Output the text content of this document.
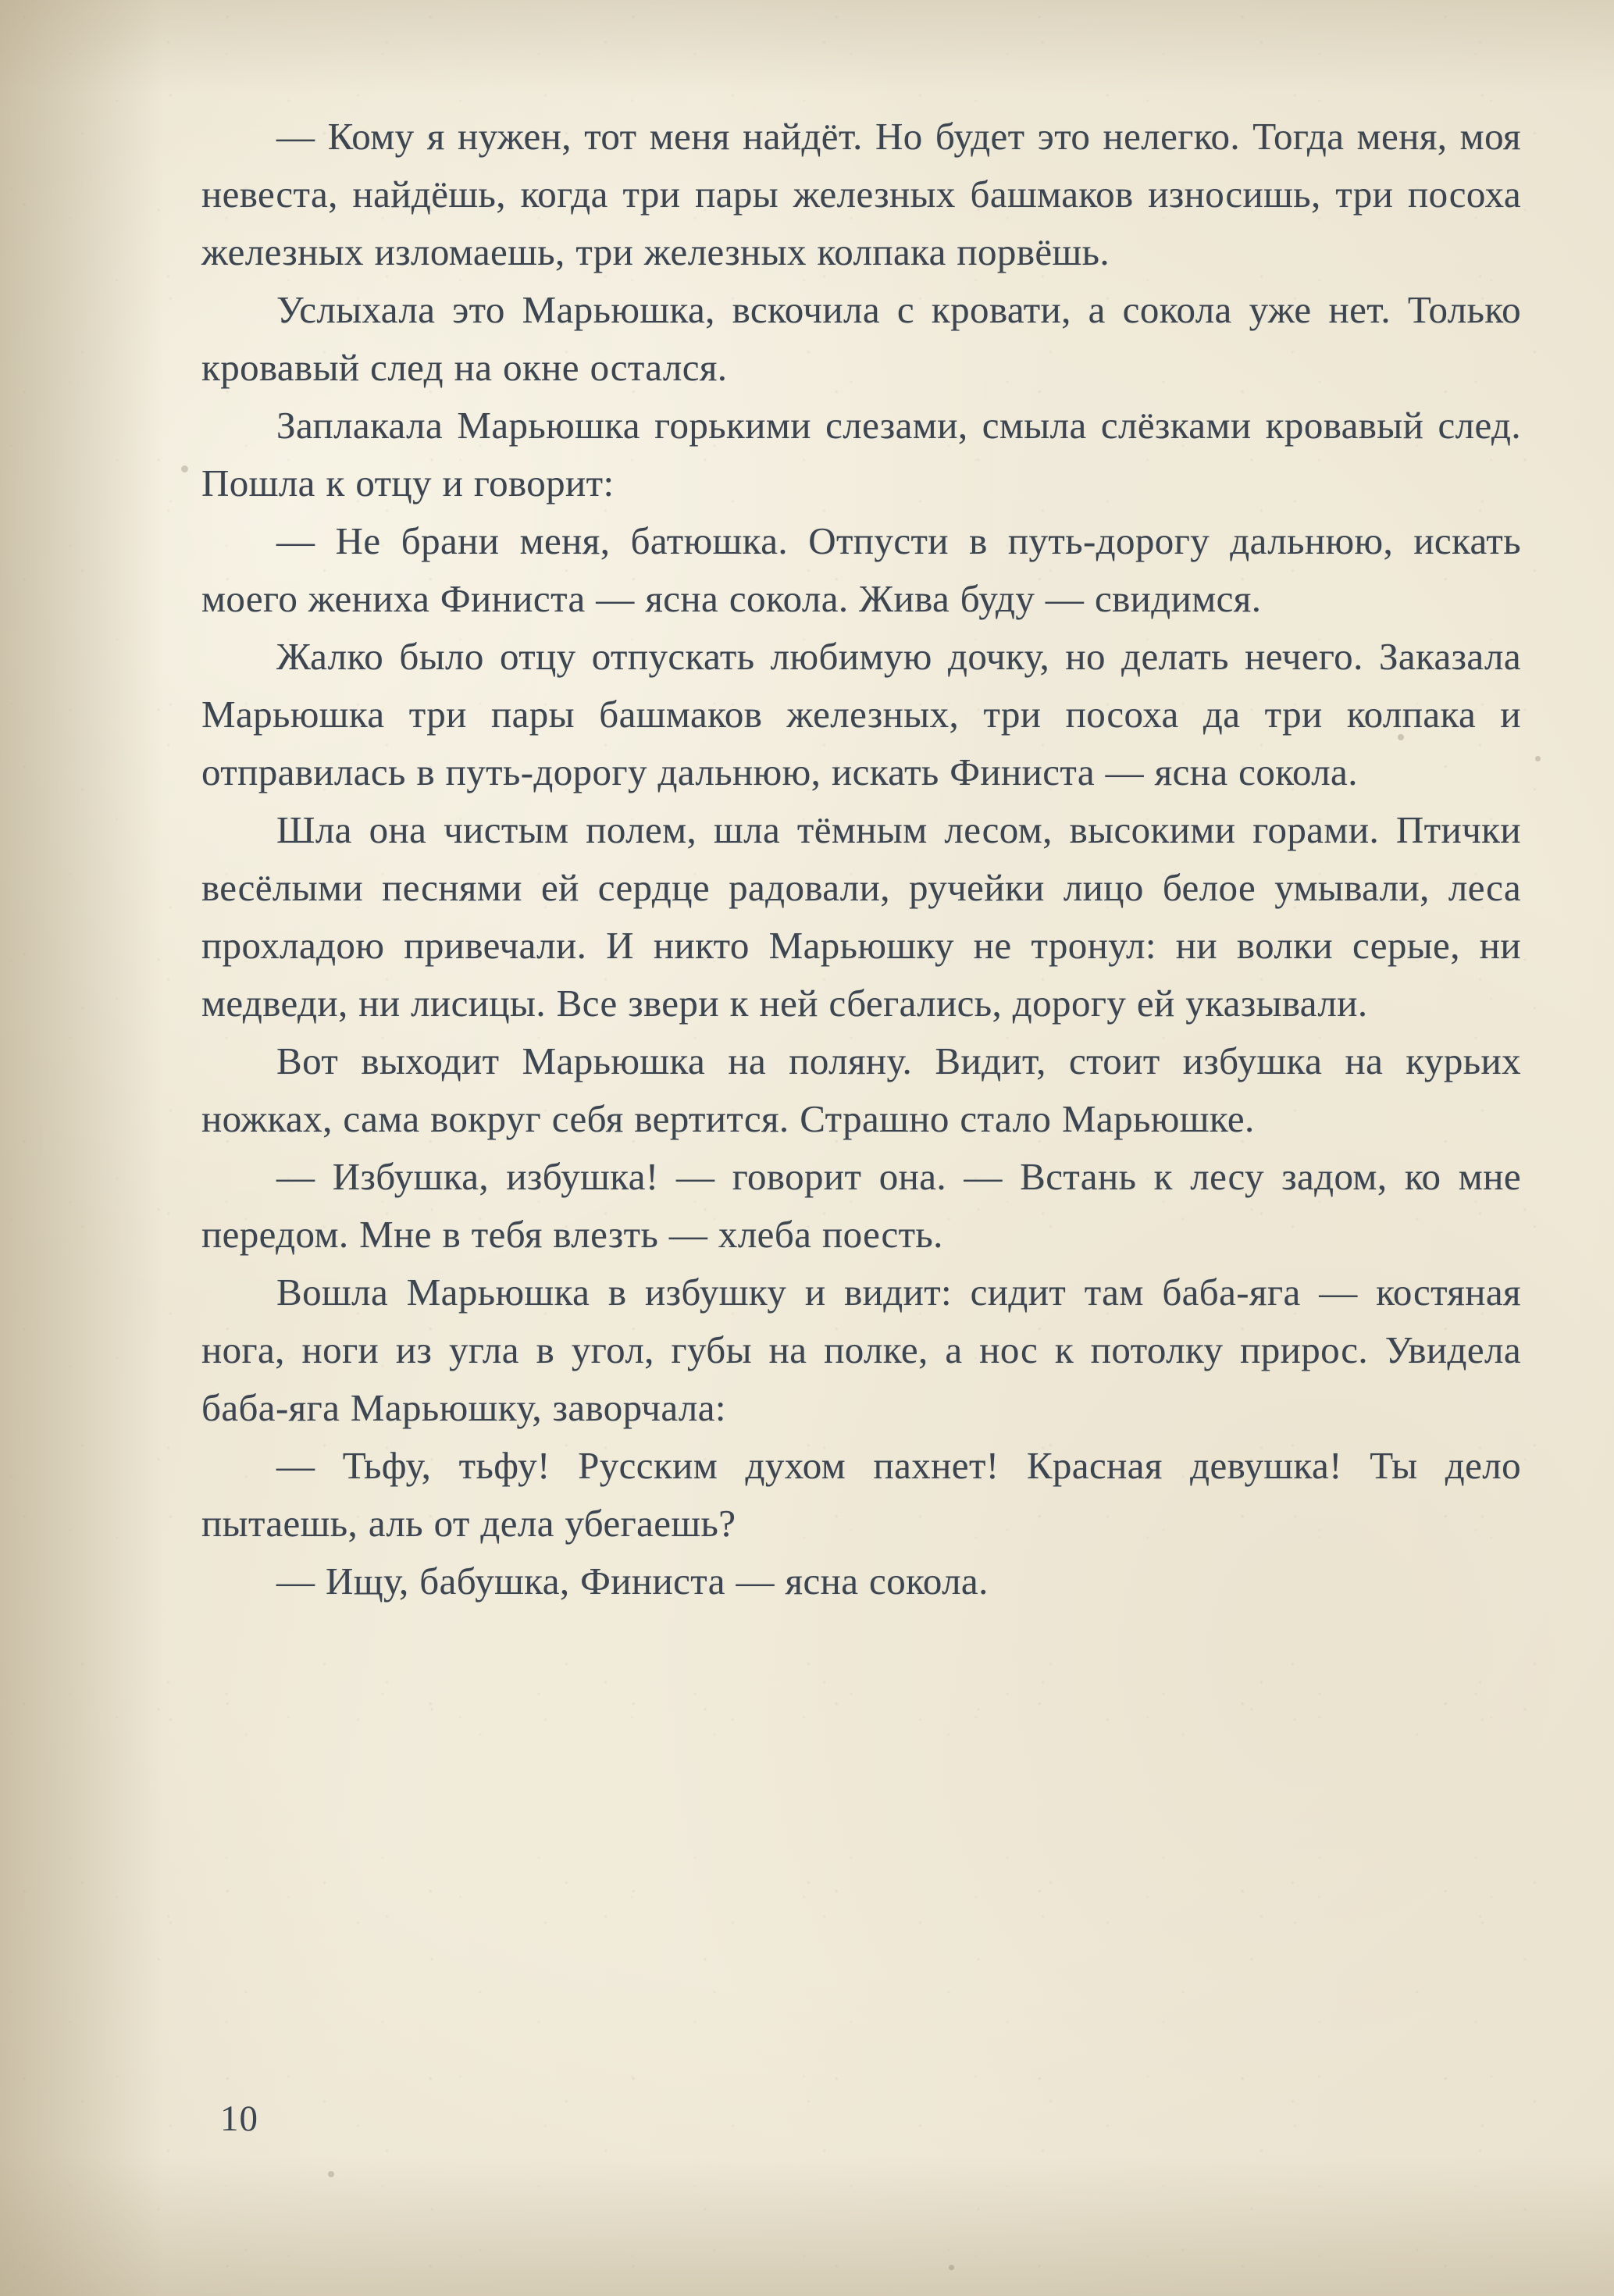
— Кому я нужен, тот меня найдёт. Но будет это нелегко. Тогда меня, моя невеста, найдёшь, когда три пары железных башмаков износишь, три посоха железных изломаешь, три железных колпака порвёшь.

Услыхала это Марьюшка, вскочила с кровати, а сокола уже нет. Только кровавый след на окне остался.

Заплакала Марьюшка горькими слезами, смыла слёзками кровавый след. Пошла к отцу и говорит:

— Не брани меня, батюшка. Отпусти в путь-дорогу дальнюю, искать моего жениха Финиста — ясна сокола. Жива буду — свидимся.

Жалко было отцу отпускать любимую дочку, но делать нечего. Заказала Марьюшка три пары башмаков железных, три посоха да три колпака и отправилась в путь-дорогу дальнюю, искать Финиста — ясна сокола.

Шла она чистым полем, шла тёмным лесом, высокими горами. Птички весёлыми песнями ей сердце радовали, ручейки лицо белое умывали, леса прохладою привечали. И никто Марьюшку не тронул: ни волки серые, ни медведи, ни лисицы. Все звери к ней сбегались, дорогу ей указывали.

Вот выходит Марьюшка на поляну. Видит, стоит избушка на курьих ножках, сама вокруг себя вертится. Страшно стало Марьюшке.

— Избушка, избушка! — говорит она. — Встань к лесу задом, ко мне передом. Мне в тебя влезть — хлеба поесть.

Вошла Марьюшка в избушку и видит: сидит там баба-яга — костяная нога, ноги из угла в угол, губы на полке, а нос к потолку прирос. Увидела баба-яга Марьюшку, заворчала:

— Тьфу, тьфу! Русским духом пахнет! Красная девушка! Ты дело пытаешь, аль от дела убегаешь?

— Ищу, бабушка, Финиста — ясна сокола.

10
